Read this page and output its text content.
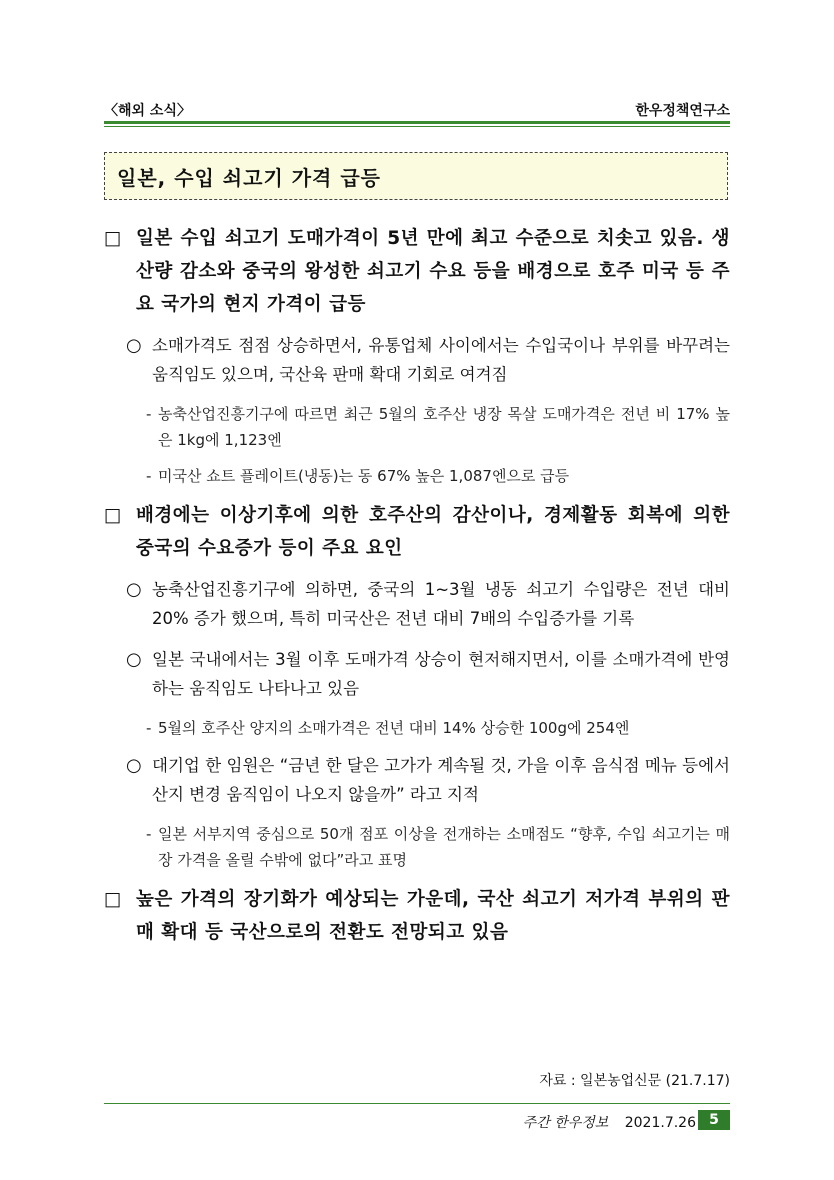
〈해외 소식〉	한우정책연구소
일본, 수입 쇠고기 가격 급등
□ 일본 수입 쇠고기 도매가격이 5년 만에 최고 수준으로 치솟고 있음. 생산량 감소와 중국의 왕성한 쇠고기 수요 등을 배경으로 호주 미국 등 주요 국가의 현지 가격이 급등
○ 소매가격도 점점 상승하면서, 유통업체 사이에서는 수입국이나 부위를 바꾸려는 움직임도 있으며, 국산육 판매 확대 기회로 여겨짐
- 농축산업진흥기구에 따르면 최근 5월의 호주산 냉장 목살 도매가격은 전년 비 17% 높은 1kg에 1,123엔
- 미국산 쇼트 플레이트(냉동)는 동 67% 높은 1,087엔으로 급등
□ 배경에는 이상기후에 의한 호주산의 감산이나, 경제활동 회복에 의한 중국의 수요증가 등이 주요 요인
○ 농축산업진흥기구에 의하면, 중국의 1~3월 냉동 쇠고기 수입량은 전년 대비 20% 증가 했으며, 특히 미국산은 전년 대비 7배의 수입증가를 기록
○ 일본 국내에서는 3월 이후 도매가격 상승이 현저해지면서, 이를 소매가격에 반영하는 움직임도 나타나고 있음
- 5월의 호주산 양지의 소매가격은 전년 대비 14% 상승한 100g에 254엔
○ 대기업 한 임원은 “금년 한 달은 고가가 계속될 것, 가을 이후 음식점 메뉴 등에서 산지 변경 움직임이 나오지 않을까” 라고 지적
- 일본 서부지역 중심으로 50개 점포 이상을 전개하는 소매점도 “향후, 수입 쇠고기는 매장 가격을 올릴 수밖에 없다”라고 표명
□ 높은 가격의 장기화가 예상되는 가운데, 국산 쇠고기 저가격 부위의 판매 확대 등 국산으로의 전환도 전망되고 있음
자료 : 일본농업신문 (21.7.17)
주간 한우정보 2021.7.26 5
